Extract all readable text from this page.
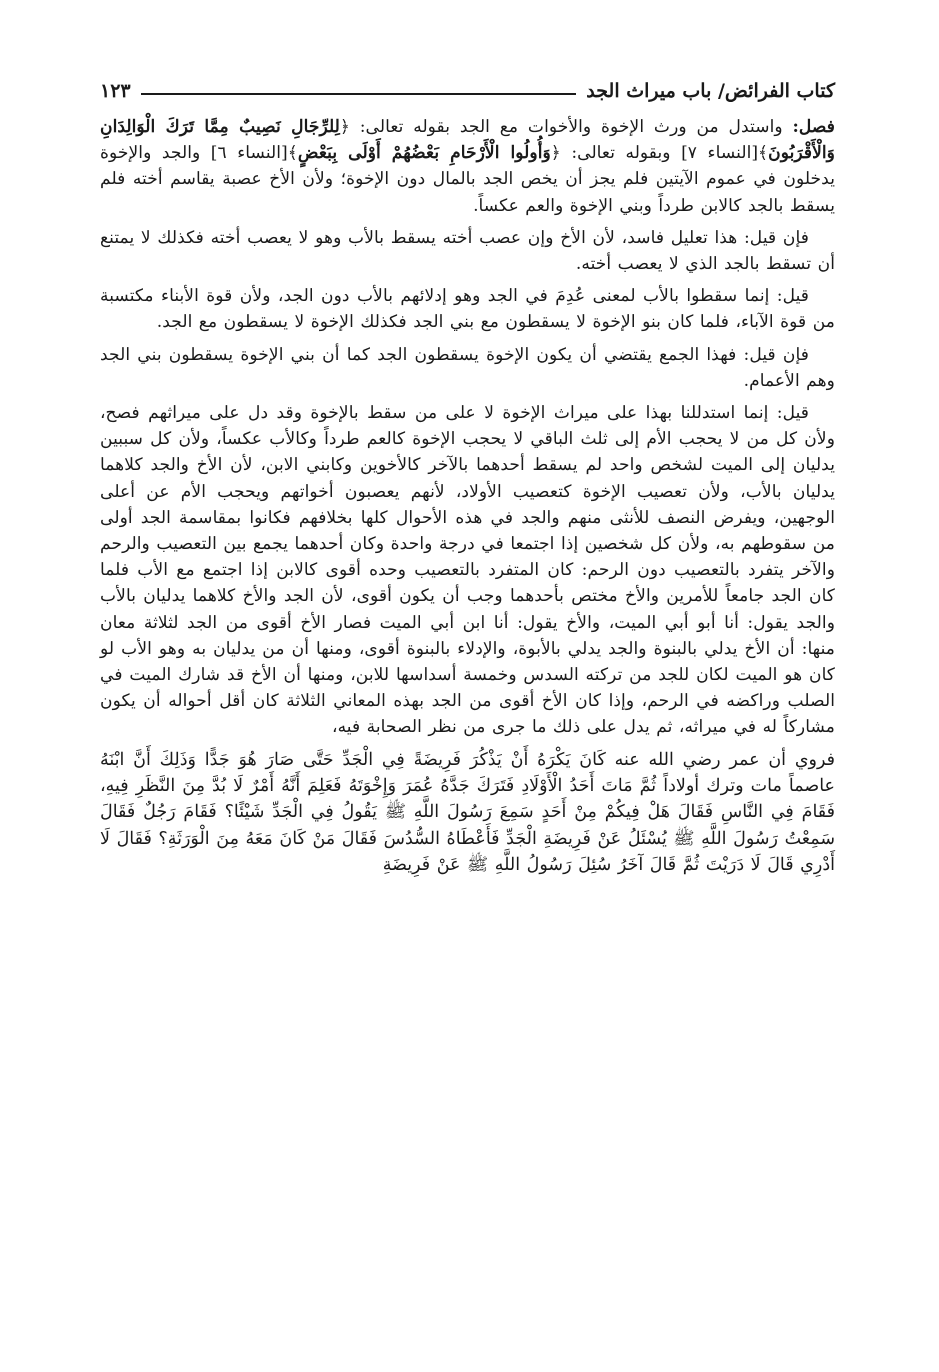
كتاب الفرائض/ باب ميراث الجد
١٢٣

فصل: واستدل من ورث الإخوة والأخوات مع الجد بقوله تعالى: ﴿لِلرِّجَالِ نَصِيبٌ مِمَّا تَرَكَ الْوَالِدَانِ وَالْأَقْرَبُونَ﴾[النساء ٧] وبقوله تعالى: ﴿وَأُولُوا الْأَرْحَامِ بَعْضُهُمْ أَوْلَى بِبَعْضٍ﴾[النساء ٦] والجد والإخوة يدخلون في عموم الآيتين فلم يجز أن يخص الجد بالمال دون الإخوة؛ ولأن الأخ عصبة يقاسم أخته فلم يسقط بالجد كالابن طرداً وبني الإخوة والعم عكساً.

فإن قيل: هذا تعليل فاسد، لأن الأخ وإن عصب أخته يسقط بالأب وهو لا يعصب أخته فكذلك لا يمتنع أن تسقط بالجد الذي لا يعصب أخته.

قيل: إنما سقطوا بالأب لمعنى عُدِمَ في الجد وهو إدلائهم بالأب دون الجد، ولأن قوة الأبناء مكتسبة من قوة الآباء، فلما كان بنو الإخوة لا يسقطون مع بني الجد فكذلك الإخوة لا يسقطون مع الجد.

فإن قيل: فهذا الجمع يقتضي أن يكون الإخوة يسقطون الجد كما أن بني الإخوة يسقطون بني الجد وهم الأعمام.

قيل: إنما استدللنا بهذا على ميراث الإخوة لا على من سقط بالإخوة وقد دل على ميراثهم فصح، ولأن كل من لا يحجب الأم إلى ثلث الباقي لا يحجب الإخوة كالعم طرداً وكالأب عكساً، ولأن كل سببين يدليان إلى الميت لشخص واحد لم يسقط أحدهما بالآخر كالأخوين وكابني الابن، لأن الأخ والجد كلاهما يدليان بالأب، ولأن تعصيب الإخوة كتعصيب الأولاد، لأنهم يعصبون أخواتهم ويحجب الأم عن أعلى الوجهين، ويفرض النصف للأنثى منهم والجد في هذه الأحوال كلها بخلافهم فكانوا بمقاسمة الجد أولى من سقوطهم به، ولأن كل شخصين إذا اجتمعا في درجة واحدة وكان أحدهما يجمع بين التعصيب والرحم والآخر يتفرد بالتعصيب دون الرحم: كان المتفرد بالتعصيب وحده أقوى كالابن إذا اجتمع مع الأب فلما كان الجد جامعاً للأمرين والأخ مختص بأحدهما وجب أن يكون أقوى، لأن الجد والأخ كلاهما يدليان بالأب والجد يقول: أنا أبو أبي الميت، والأخ يقول: أنا ابن أبي الميت فصار الأخ أقوى من الجد لثلاثة معان منها: أن الأخ يدلي بالبنوة والجد يدلي بالأبوة، والإدلاء بالبنوة أقوى، ومنها أن من يدليان به وهو الأب لو كان هو الميت لكان للجد من تركته السدس وخمسة أسداسها للابن، ومنها أن الأخ قد شارك الميت في الصلب وراكضه في الرحم، وإذا كان الأخ أقوى من الجد بهذه المعاني الثلاثة كان أقل أحواله أن يكون مشاركاً له في ميراثه، ثم يدل على ذلك ما جرى من نظر الصحابة فيه،

فروي أن عمر رضي الله عنه كَانَ يَكْرَهُ أَنْ يَذْكُرَ فَرِيضَةً فِي الْجَدِّ حَتَّى صَارَ هُوَ جَدًّا وَذَلِكَ أَنَّ ابْنَهُ عاصماً مات وترك أولاداً ثُمَّ مَاتَ أَحَدُ الْأَوْلَادِ فَتَرَكَ جَدَّهُ عُمَرَ وَإِخْوَتَهُ فَعَلِمَ أَنَّهُ أَمْرٌ لَا بُدَّ مِنَ النَّظَرِ فِيهِ، فَقَامَ فِي النَّاسِ فَقَالَ هَلْ فِيكُمْ مِنْ أَحَدٍ سَمِعَ رَسُولَ اللَّهِ ﷺ يَقُولُ فِي الْجَدِّ شَيْئًا؟ فَقَامَ رَجُلٌ فَقَالَ سَمِعْتُ رَسُولَ اللَّهِ ﷺ يُسْئَلُ عَنْ فَرِيضَةِ الْجَدِّ فَأَعْطَاهُ السُّدُسَ فَقَالَ مَنْ كَانَ مَعَهُ مِنَ الْوَرَثَةِ؟ فَقَالَ لَا أَدْرِي قَالَ لَا دَرَيْتَ ثُمَّ قَالَ آخَرُ سُئِلَ رَسُولُ اللَّهِ ﷺ عَنْ فَرِيضَةِ
